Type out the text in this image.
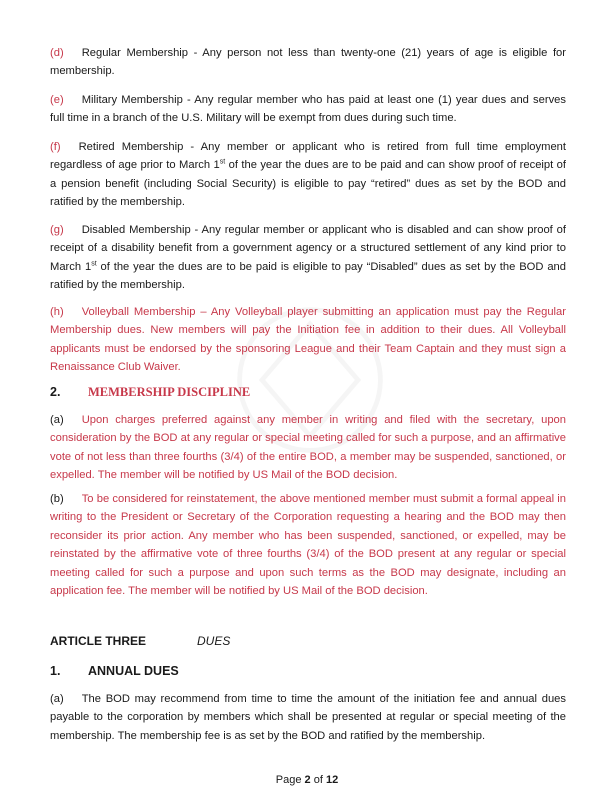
(d) Regular Membership - Any person not less than twenty-one (21) years of age is eligible for membership.

(e) Military Membership - Any regular member who has paid at least one (1) year dues and serves full time in a branch of the U.S. Military will be exempt from dues during such time.

(f) Retired Membership - Any member or applicant who is retired from full time employment regardless of age prior to March 1st of the year the dues are to be paid and can show proof of receipt of a pension benefit (including Social Security) is eligible to pay “retired” dues as set by the BOD and ratified by the membership.

(g) Disabled Membership - Any regular member or applicant who is disabled and can show proof of receipt of a disability benefit from a government agency or a structured settlement of any kind prior to March 1st of the year the dues are to be paid is eligible to pay “Disabled” dues as set by the BOD and ratified by the membership.

(h) Volleyball Membership – Any Volleyball player submitting an application must pay the Regular Membership dues. New members will pay the Initiation fee in addition to their dues. All Volleyball applicants must be endorsed by the sponsoring League and their Team Captain and they must sign a Renaissance Club Waiver.

2. MEMBERSHIP DISCIPLINE

(a) Upon charges preferred against any member in writing and filed with the secretary, upon consideration by the BOD at any regular or special meeting called for such a purpose, and an affirmative vote of not less than three fourths (3/4) of the entire BOD, a member may be suspended, sanctioned, or expelled. The member will be notified by US Mail of the BOD decision.

(b) To be considered for reinstatement, the above mentioned member must submit a formal appeal in writing to the President or Secretary of the Corporation requesting a hearing and the BOD may then reconsider its prior action. Any member who has been suspended, sanctioned, or expelled, may be reinstated by the affirmative vote of three fourths (3/4) of the BOD present at any regular or special meeting called for such a purpose and upon such terms as the BOD may designate, including an application fee. The member will be notified by US Mail of the BOD decision.

ARTICLE THREE	DUES
1. ANNUAL DUES

(a) The BOD may recommend from time to time the amount of the initiation fee and annual dues payable to the corporation by members which shall be presented at regular or special meeting of the membership. The membership fee is as set by the BOD and ratified by the membership.

Page 2 of 12
